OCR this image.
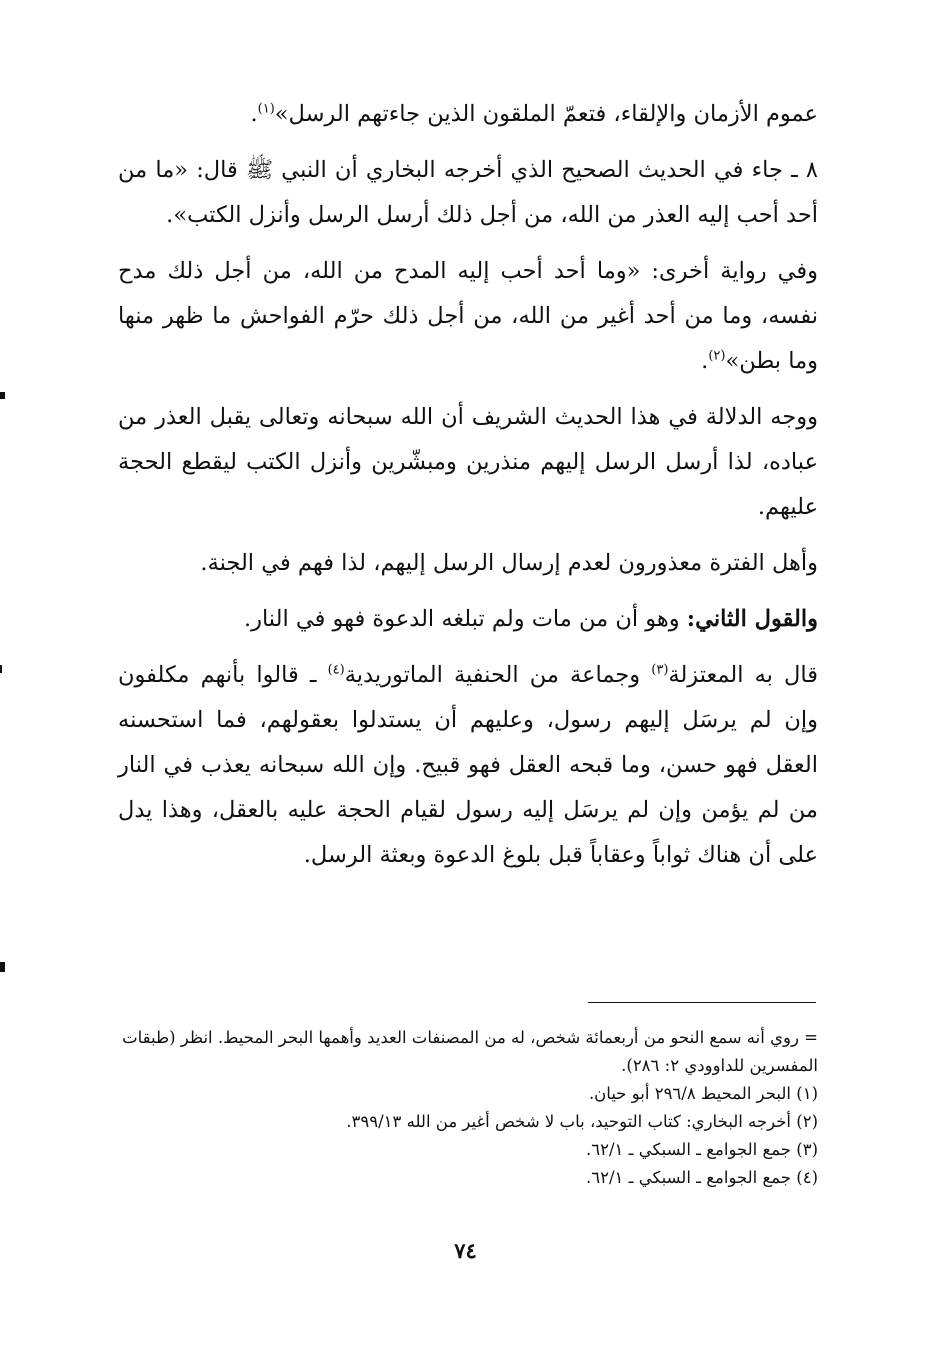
عموم الأزمان والإلقاء، فتعمّ الملقون الذين جاءتهم الرسل»$^{(١)}$.

٨ ـ جاء في الحديث الصحيح الذي أخرجه البخاري أن النبي ﷺ قال: «ما من أحد أحب إليه العذر من الله، من أجل ذلك أرسل الرسل وأنزل الكتب».

وفي رواية أخرى: «وما أحد أحب إليه المدح من الله، من أجل ذلك مدح نفسه، وما من أحد أغير من الله، من أجل ذلك حرّم الفواحش ما ظهر منها وما بطن»$^{(٢)}$.

ووجه الدلالة في هذا الحديث الشريف أن الله سبحانه وتعالى يقبل العذر من عباده، لذا أرسل الرسل إليهم منذرين ومبشّرين وأنزل الكتب ليقطع الحجة عليهم.

وأهل الفترة معذورون لعدم إرسال الرسل إليهم، لذا فهم في الجنة.

والقول الثاني: وهو أن من مات ولم تبلغه الدعوة فهو في النار.

قال به المعتزلة$^{(٣)}$ وجماعة من الحنفية الماتوريدية$^{(٤)}$ ـ قالوا بأنهم مكلفون وإن لم يرسَل إليهم رسول، وعليهم أن يستدلوا بعقولهم، فما استحسنه العقل فهو حسن، وما قبحه العقل فهو قبيح. وإن الله سبحانه يعذب في النار من لم يؤمن وإن لم يرسَل إليه رسول لقيام الحجة عليه بالعقل، وهذا يدل على أن هناك ثواباً وعقاباً قبل بلوغ الدعوة وبعثة الرسل.

= روي أنه سمع النحو من أربعمائة شخص، له من المصنفات العديد وأهمها البحر المحيط. انظر (طبقات المفسرين للداوودي ٢: ٢٨٦).

(١) البحر المحيط ٢٩٦/٨ أبو حيان.

(٢) أخرجه البخاري: كتاب التوحيد، باب لا شخص أغير من الله ٣٩٩/١٣.

(٣) جمع الجوامع ـ السبكي ـ ٦٢/١.

(٤) جمع الجوامع ـ السبكي ـ ٦٢/١.

٧٤
